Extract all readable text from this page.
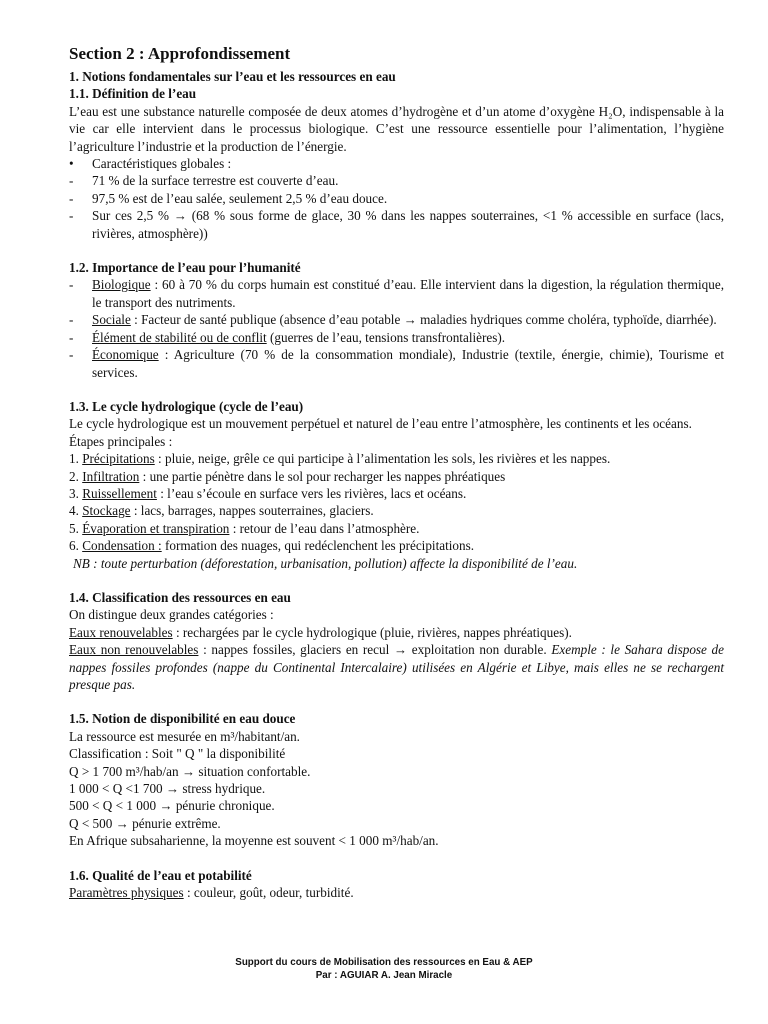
Section 2 : Approfondissement
1. Notions fondamentales sur l’eau et les ressources en eau
1.1. Définition de l’eau

L’eau est une substance naturelle composée de deux atomes d’hydrogène et d’un atome d’oxygène H₂O, indispensable à la vie car elle intervient dans le processus biologique. C’est une ressource essentielle pour l’alimentation, l’hygiène l’agriculture l’industrie et la production de l’énergie.

•	Caractéristiques globales :
-	71 % de la surface terrestre est couverte d’eau.
-	97,5 % est de l’eau salée, seulement 2,5 % d’eau douce.
-	Sur ces 2,5 % → (68 % sous forme de glace, 30 % dans les nappes souterraines, <1 % accessible en surface (lacs, rivières, atmosphère))
1.2. Importance de l’eau pour l’humanité
-	Biologique : 60 à 70 % du corps humain est constitué d’eau. Elle intervient dans la digestion, la régulation thermique, le transport des nutriments.
-	Sociale : Facteur de santé publique (absence d’eau potable → maladies hydriques comme choléra, typhoïde, diarrhée).
-	Élément de stabilité ou de conflit (guerres de l’eau, tensions transfrontalières).
-	Économique : Agriculture (70 % de la consommation mondiale), Industrie (textile, énergie, chimie), Tourisme et services.
1.3. Le cycle hydrologique (cycle de l’eau)

Le cycle hydrologique est un mouvement perpétuel et naturel de l’eau entre l’atmosphère, les continents et les océans.

Étapes principales :

1. Précipitations : pluie, neige, grêle ce qui participe à l’alimentation les sols, les rivières et les nappes.
2. Infiltration : une partie pénètre dans le sol pour recharger les nappes phréatiques
3. Ruissellement : l’eau s’écoule en surface vers les rivières, lacs et océans.
4. Stockage : lacs, barrages, nappes souterraines, glaciers.
5. Évaporation et transpiration : retour de l’eau dans l’atmosphère.
6. Condensation : formation des nuages, qui redéclenchent les précipitations.

NB : toute perturbation (déforestation, urbanisation, pollution) affecte la disponibilité de l’eau.

1.4. Classification des ressources en eau

On distingue deux grandes catégories :

Eaux renouvelables : rechargées par le cycle hydrologique (pluie, rivières, nappes phréatiques).

Eaux non renouvelables : nappes fossiles, glaciers en recul → exploitation non durable. Exemple : le Sahara dispose de nappes fossiles profondes (nappe du Continental Intercalaire) utilisées en Algérie et Libye, mais elles ne se rechargent presque pas.

1.5. Notion de disponibilité en eau douce

La ressource est mesurée en m³/habitant/an.

Classification : Soit " Q " la disponibilité

Q > 1 700 m³/hab/an → situation confortable.

1 000 < Q <1 700 → stress hydrique.

500 < Q < 1 000 → pénurie chronique.

Q < 500 → pénurie extrême.

En Afrique subsaharienne, la moyenne est souvent < 1 000 m³/hab/an.

1.6. Qualité de l’eau et potabilité

Paramètres physiques : couleur, goût, odeur, turbidité.

Support du cours de Mobilisation des ressources en Eau & AEP
Par : AGUIAR A. Jean Miracle
